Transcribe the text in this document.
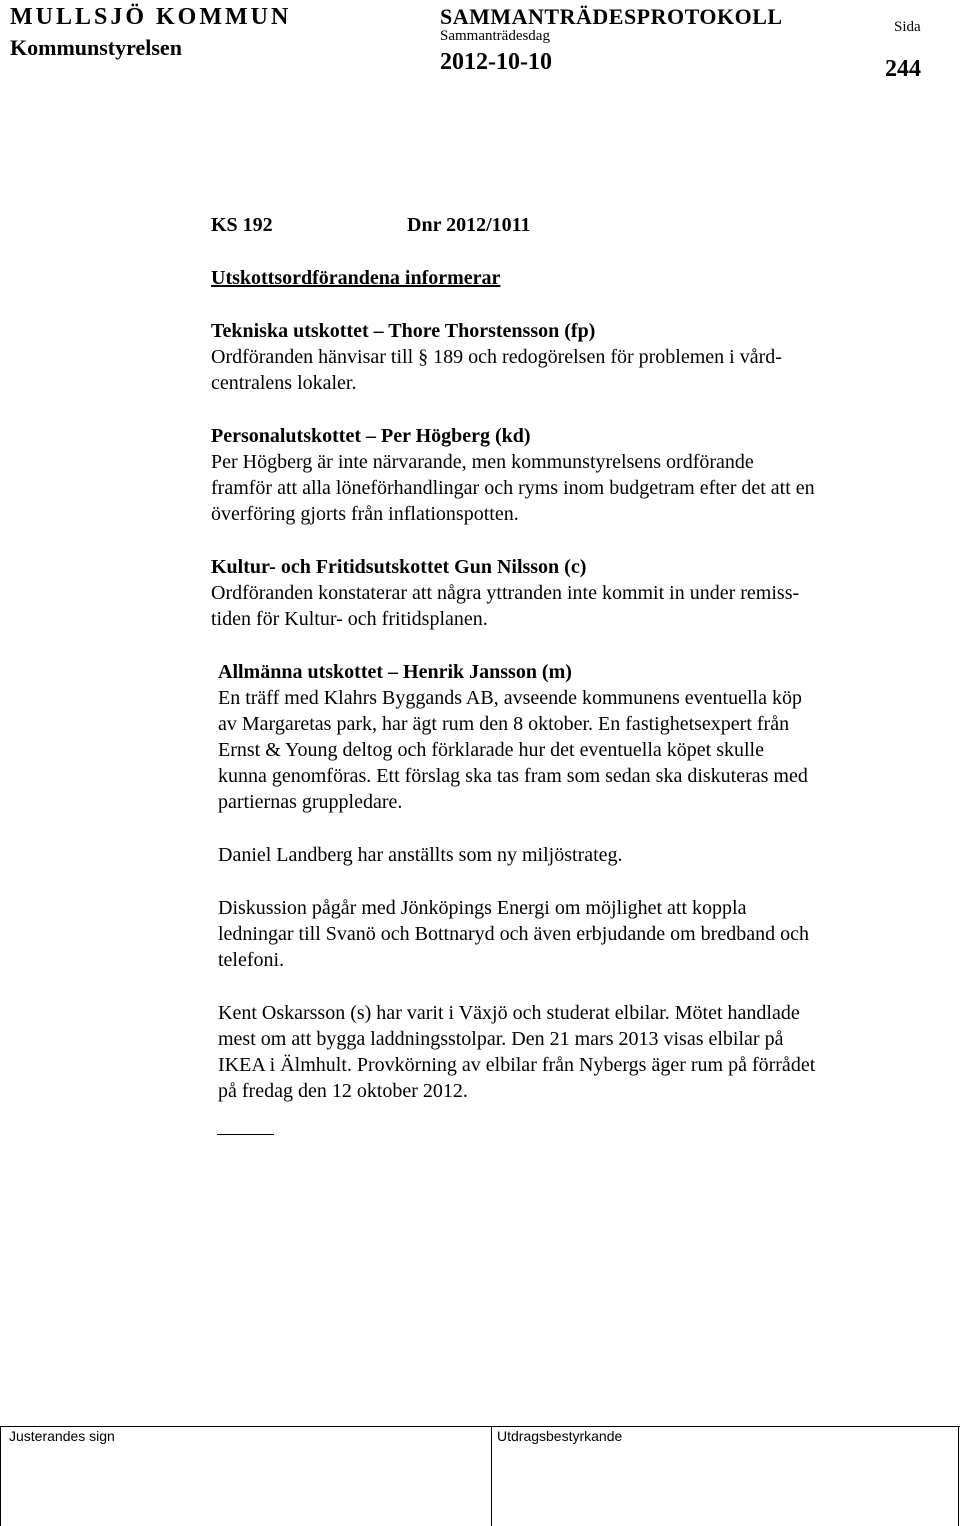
MULLSJÖ KOMMUN
Kommunstyrelsen
SAMMANTRÄDESPROTOKOLL
Sammanträdesdag
2012-10-10
Sida
244
KS 192	Dnr 2012/1011
Utskottsordförandena informerar
Tekniska utskottet – Thore Thorstensson (fp)
Ordföranden hänvisar till § 189 och redogörelsen för problemen i vård-
centralens lokaler.
Personalutskottet – Per Högberg (kd)
Per Högberg är inte närvarande, men kommunstyrelsens ordförande
framför att alla löneförhandlingar och ryms inom budgetram efter det att en
överföring gjorts från inflationspotten.
Kultur- och Fritidsutskottet Gun Nilsson (c)
Ordföranden konstaterar att några yttranden inte kommit in under remiss-
tiden för Kultur- och fritidsplanen.
Allmänna utskottet – Henrik Jansson (m)
En träff med Klahrs Byggands AB, avseende kommunens eventuella köp
av Margaretas park, har ägt rum den 8 oktober. En fastighetsexpert från
Ernst & Young deltog och förklarade hur det eventuella köpet skulle
kunna genomföras. Ett förslag ska tas fram som sedan ska diskuteras med
partiernas gruppledare.
Daniel Landberg har anställts som ny miljöstrateg.
Diskussion pågår med Jönköpings Energi om möjlighet att koppla
ledningar till Svanö och Bottnaryd och även erbjudande om bredband och
telefoni.
Kent Oskarsson (s) har varit i Växjö och studerat elbilar. Mötet handlade
mest om att bygga laddningsstolpar. Den 21 mars 2013 visas elbilar på
IKEA i Älmhult. Provkörning av elbilar från Nybergs äger rum på förrådet
på fredag den 12 oktober 2012.
Justerandes sign	Utdragsbestyrkande
